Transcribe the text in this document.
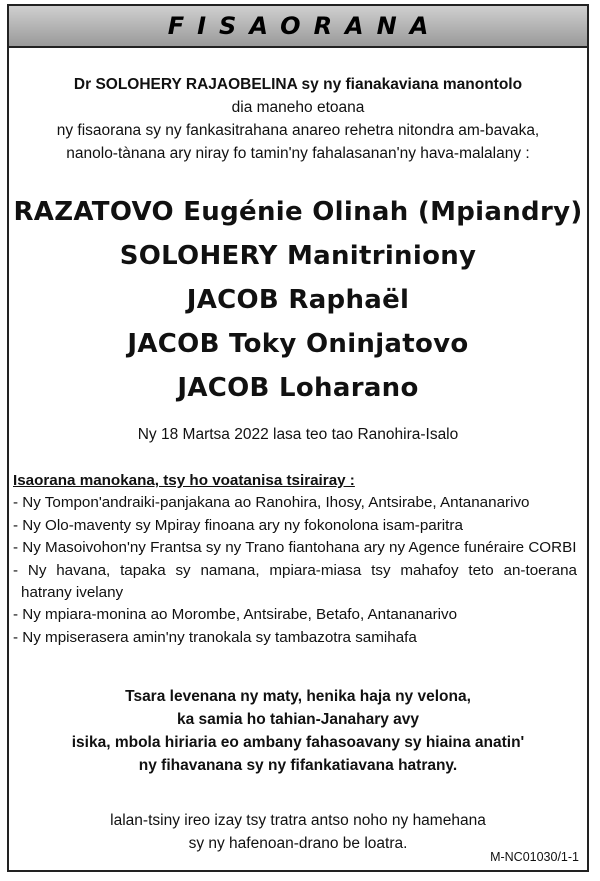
FISAORANA
Dr SOLOHERY RAJAOBELINA sy ny fianakaviana manontolo
dia maneho etoana
ny fisaorana sy ny fankasitrahana anareo rehetra nitondra am-bavaka,
nanolo-tànana ary niray fo tamin'ny fahalasanan'ny hava-malalany :
RAZATOVO Eugénie Olinah (Mpiandry)
SOLOHERY Manitriniony
JACOB Raphaël
JACOB Toky Oninjatovo
JACOB Loharano
Ny 18 Martsa 2022 lasa teo tao Ranohira-Isalo
Isaorana manokana, tsy ho voatanisa tsirairay :
- Ny Tompon'andraiki-panjakana ao Ranohira, Ihosy, Antsirabe, Antananarivo
- Ny Olo-maventy sy Mpiray finoana ary ny fokonolona isam-paritra
- Ny Masoivohon'ny Frantsa sy ny Trano fiantohana ary ny Agence funéraire CORBI
- Ny havana, tapaka sy namana, mpiara-miasa tsy mahafoy teto an-toerana
hatrany ivelany
- Ny mpiara-monina ao Morombe, Antsirabe, Betafo, Antananarivo
- Ny mpiserasera amin'ny tranokala sy tambazotra samihafa
Tsara levenana ny maty, henika haja ny velona,
ka samia ho tahian-Janahary avy
isika, mbola hiriaria eo ambany fahasoavany sy hiaina anatin'
ny fihavanana sy ny fifankatiavana hatrany.
lalan-tsiny ireo izay tsy tratra antso noho ny hamehana
sy ny hafenoan-drano be loatra.
M-NC01030/1-1
